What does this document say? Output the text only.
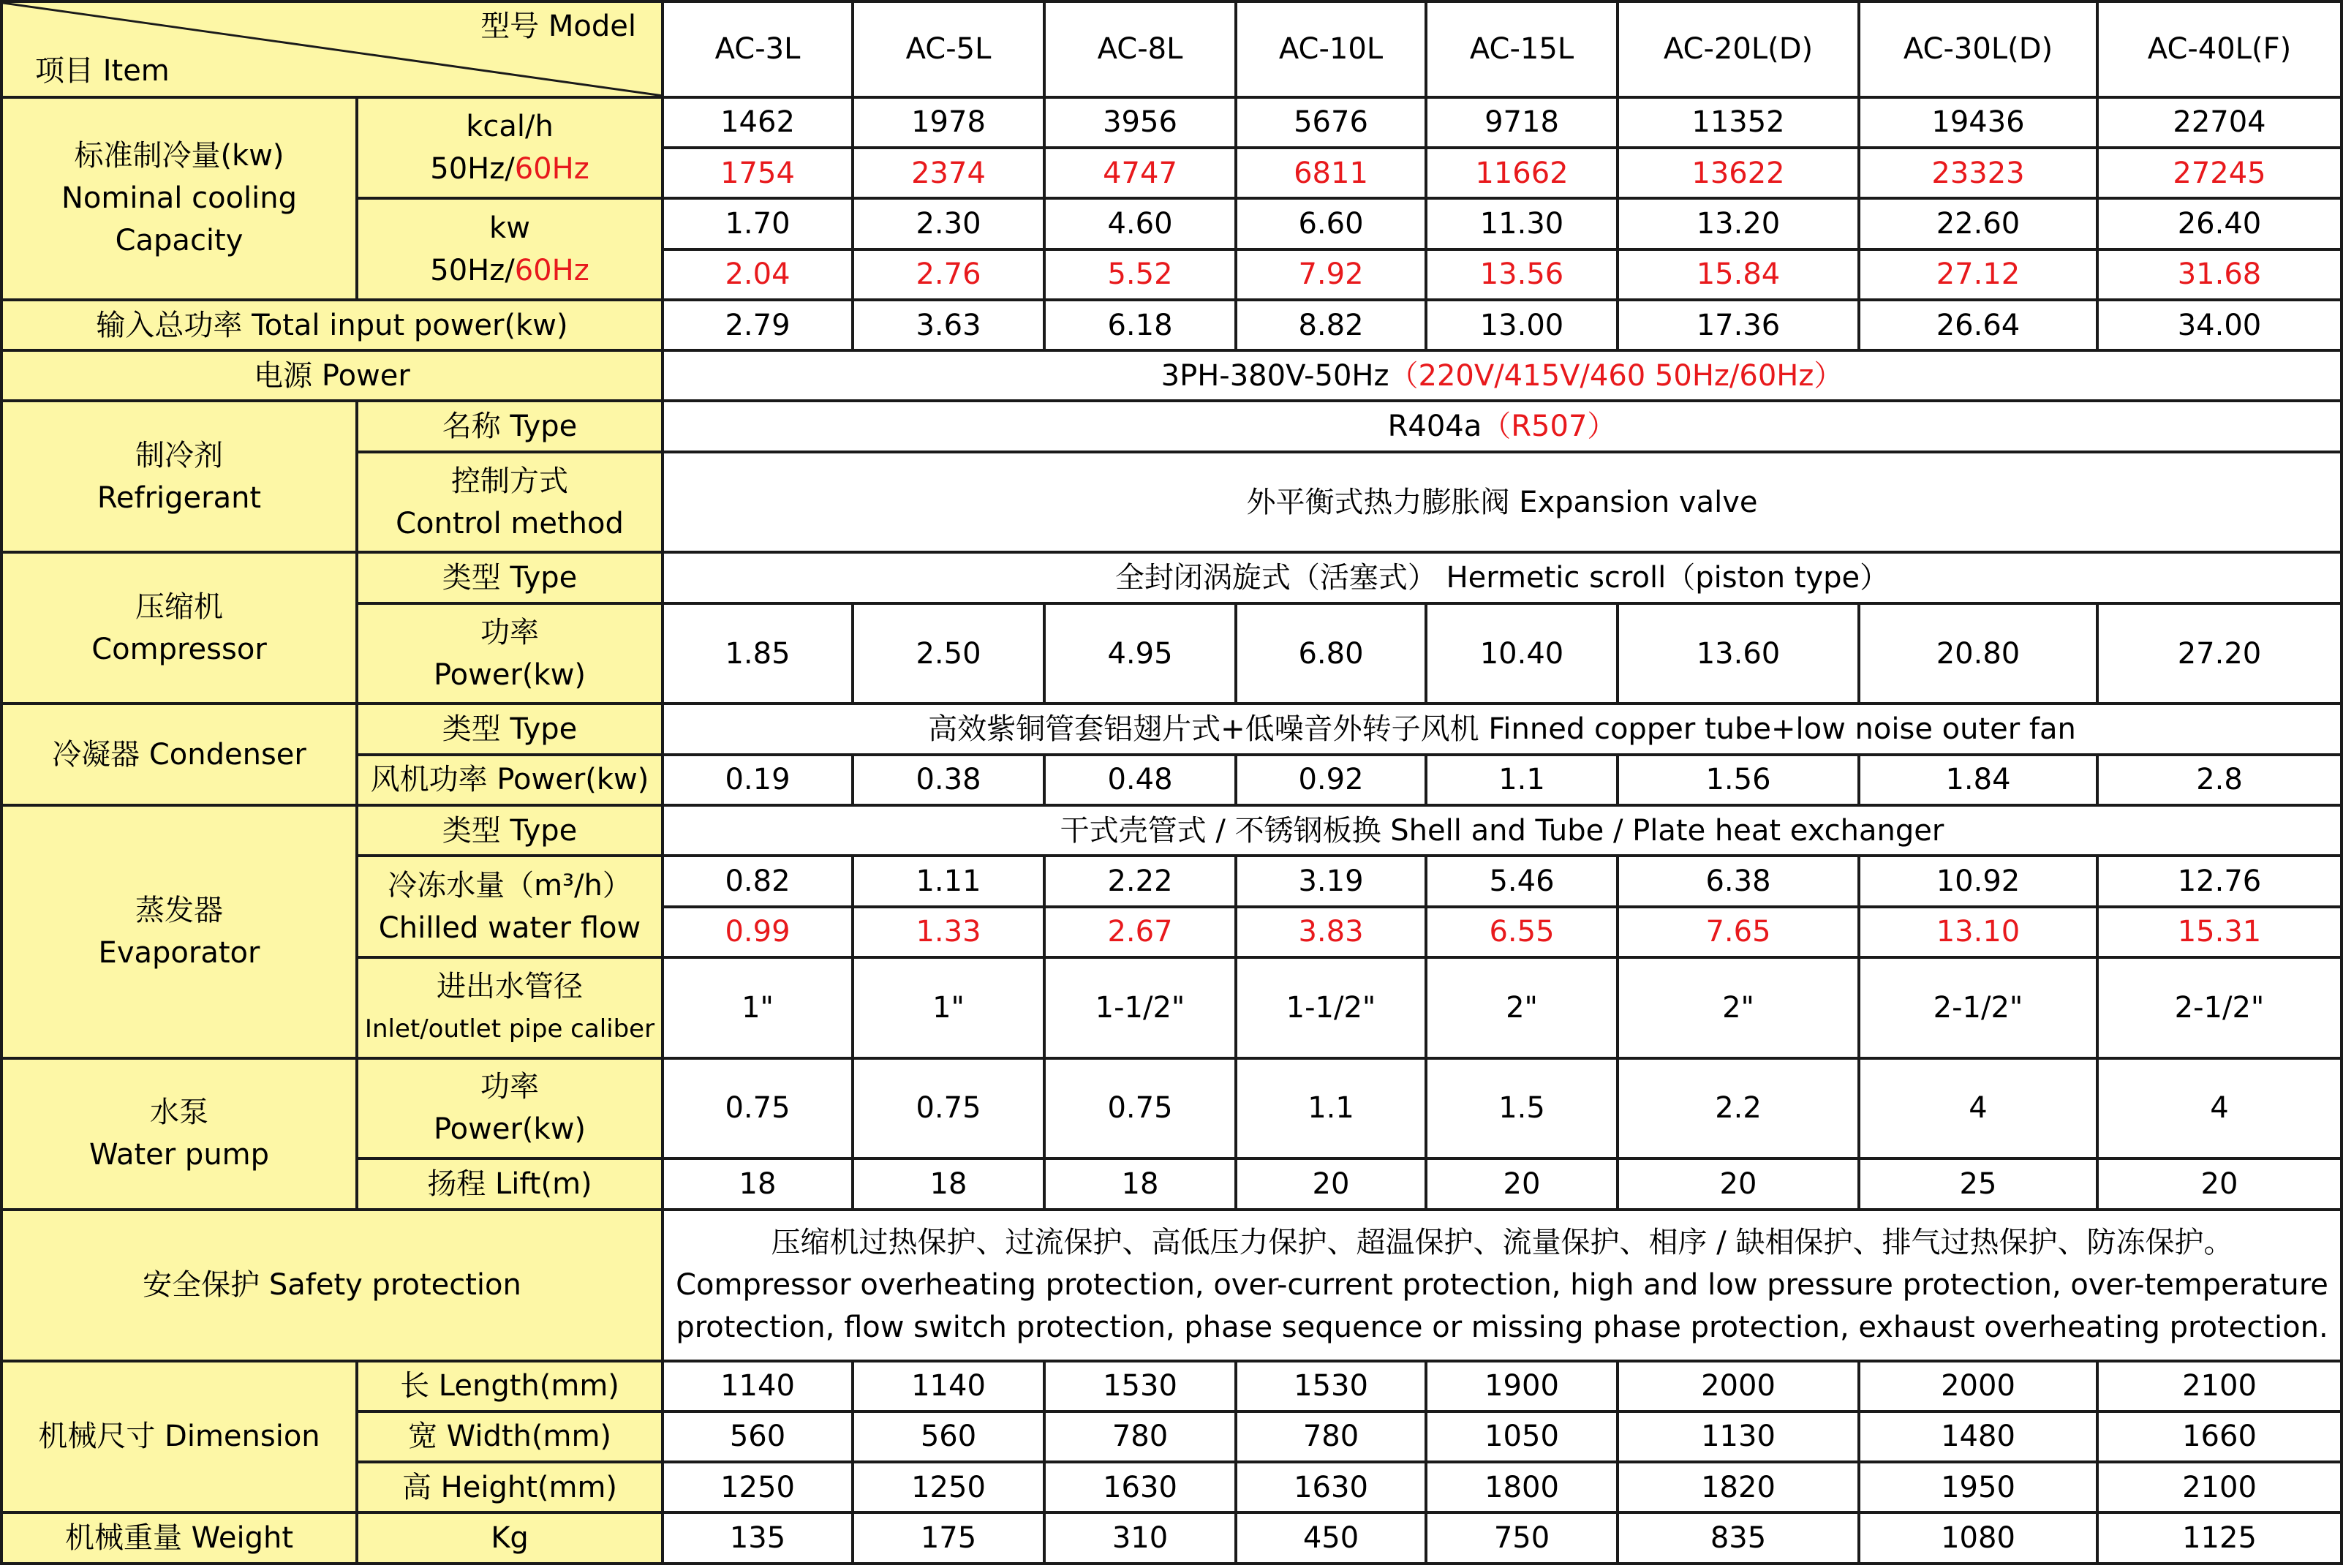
型号 Model
项目 Item		AC-3L	AC-5L	AC-8L	AC-10L	AC-15L	AC-20L(D)	AC-30L(D)	AC-40L(F)

标准制冷量(kw)
Nominal cooling
Capacity	kcal/h
50Hz/60Hz	1462	1978	3956	5676	9718	11352	19436	22704
		1754	2374	4747	6811	11662	13622	23323	27245

	kw
50Hz/60Hz	1.70	2.30	4.60	6.60	11.30	13.20	22.60	26.40
		2.04	2.76	5.52	7.92	13.56	15.84	27.12	31.68
输入总功率 Total input power(kw)		2.79	3.63	6.18	8.82	13.00	17.36	26.64	34.00
电源 Power		3PH-380V-50Hz（220V/415V/460 50Hz/60Hz）							

制冷剂
Refrigerant	名称 Type	R404a（R507）							

	控制方式
Control method	外平衡式热力膨胀阀 Expansion valve							

压缩机
Compressor	类型 Type	全封闭涡旋式（活塞式） Hermetic scroll（piston type）							

	功率
Power(kw)	1.85	2.50	4.95	6.80	10.40	13.60	20.80	27.20
冷凝器 Condenser	类型 Type	高效紫铜管套铝翅片式+低噪音外转子风机 Finned copper tube+low noise outer fan							
	风机功率 Power(kw)	0.19	0.38	0.48	0.92	1.1	1.56	1.84	2.8

蒸发器
Evaporator	类型 Type	干式壳管式 / 不锈钢板换 Shell and Tube / Plate heat exchanger							

	冷冻水量（m³/h）
Chilled water flow	0.82	1.11	2.22	3.19	5.46	6.38	10.92	12.76
		0.99	1.33	2.67	3.83	6.55	7.65	13.10	15.31

	进出水管径
Inlet/outlet pipe caliber	1"	1"	1-1/2"	1-1/2"	2"	2"	2-1/2"	2-1/2"

水泵
Water pump	功率
Power(kw)	0.75	0.75	0.75	1.1	1.5	2.2	4	4
	扬程 Lift(m)	18	18	18	20	20	20	25	20
安全保护 Safety protection		压缩机过热保护、过流保护、高低压力保护、超温保护、流量保护、相序 / 缺相保护、排气过热保护、防冻保护。
Compressor overheating protection, over-current protection, high and low pressure protection, over-temperature
protection, flow switch protection, phase sequence or missing phase protection, exhaust overheating protection.							

机械尺寸 Dimension	长 Length(mm)	1140	1140	1530	1530	1900	2000	2000	2100
	宽 Width(mm)	560	560	780	780	1050	1130	1480	1660
	高 Height(mm)	1250	1250	1630	1630	1800	1820	1950	2100
机械重量 Weight	Kg	135	175	310	450	750	835	1080	1125
